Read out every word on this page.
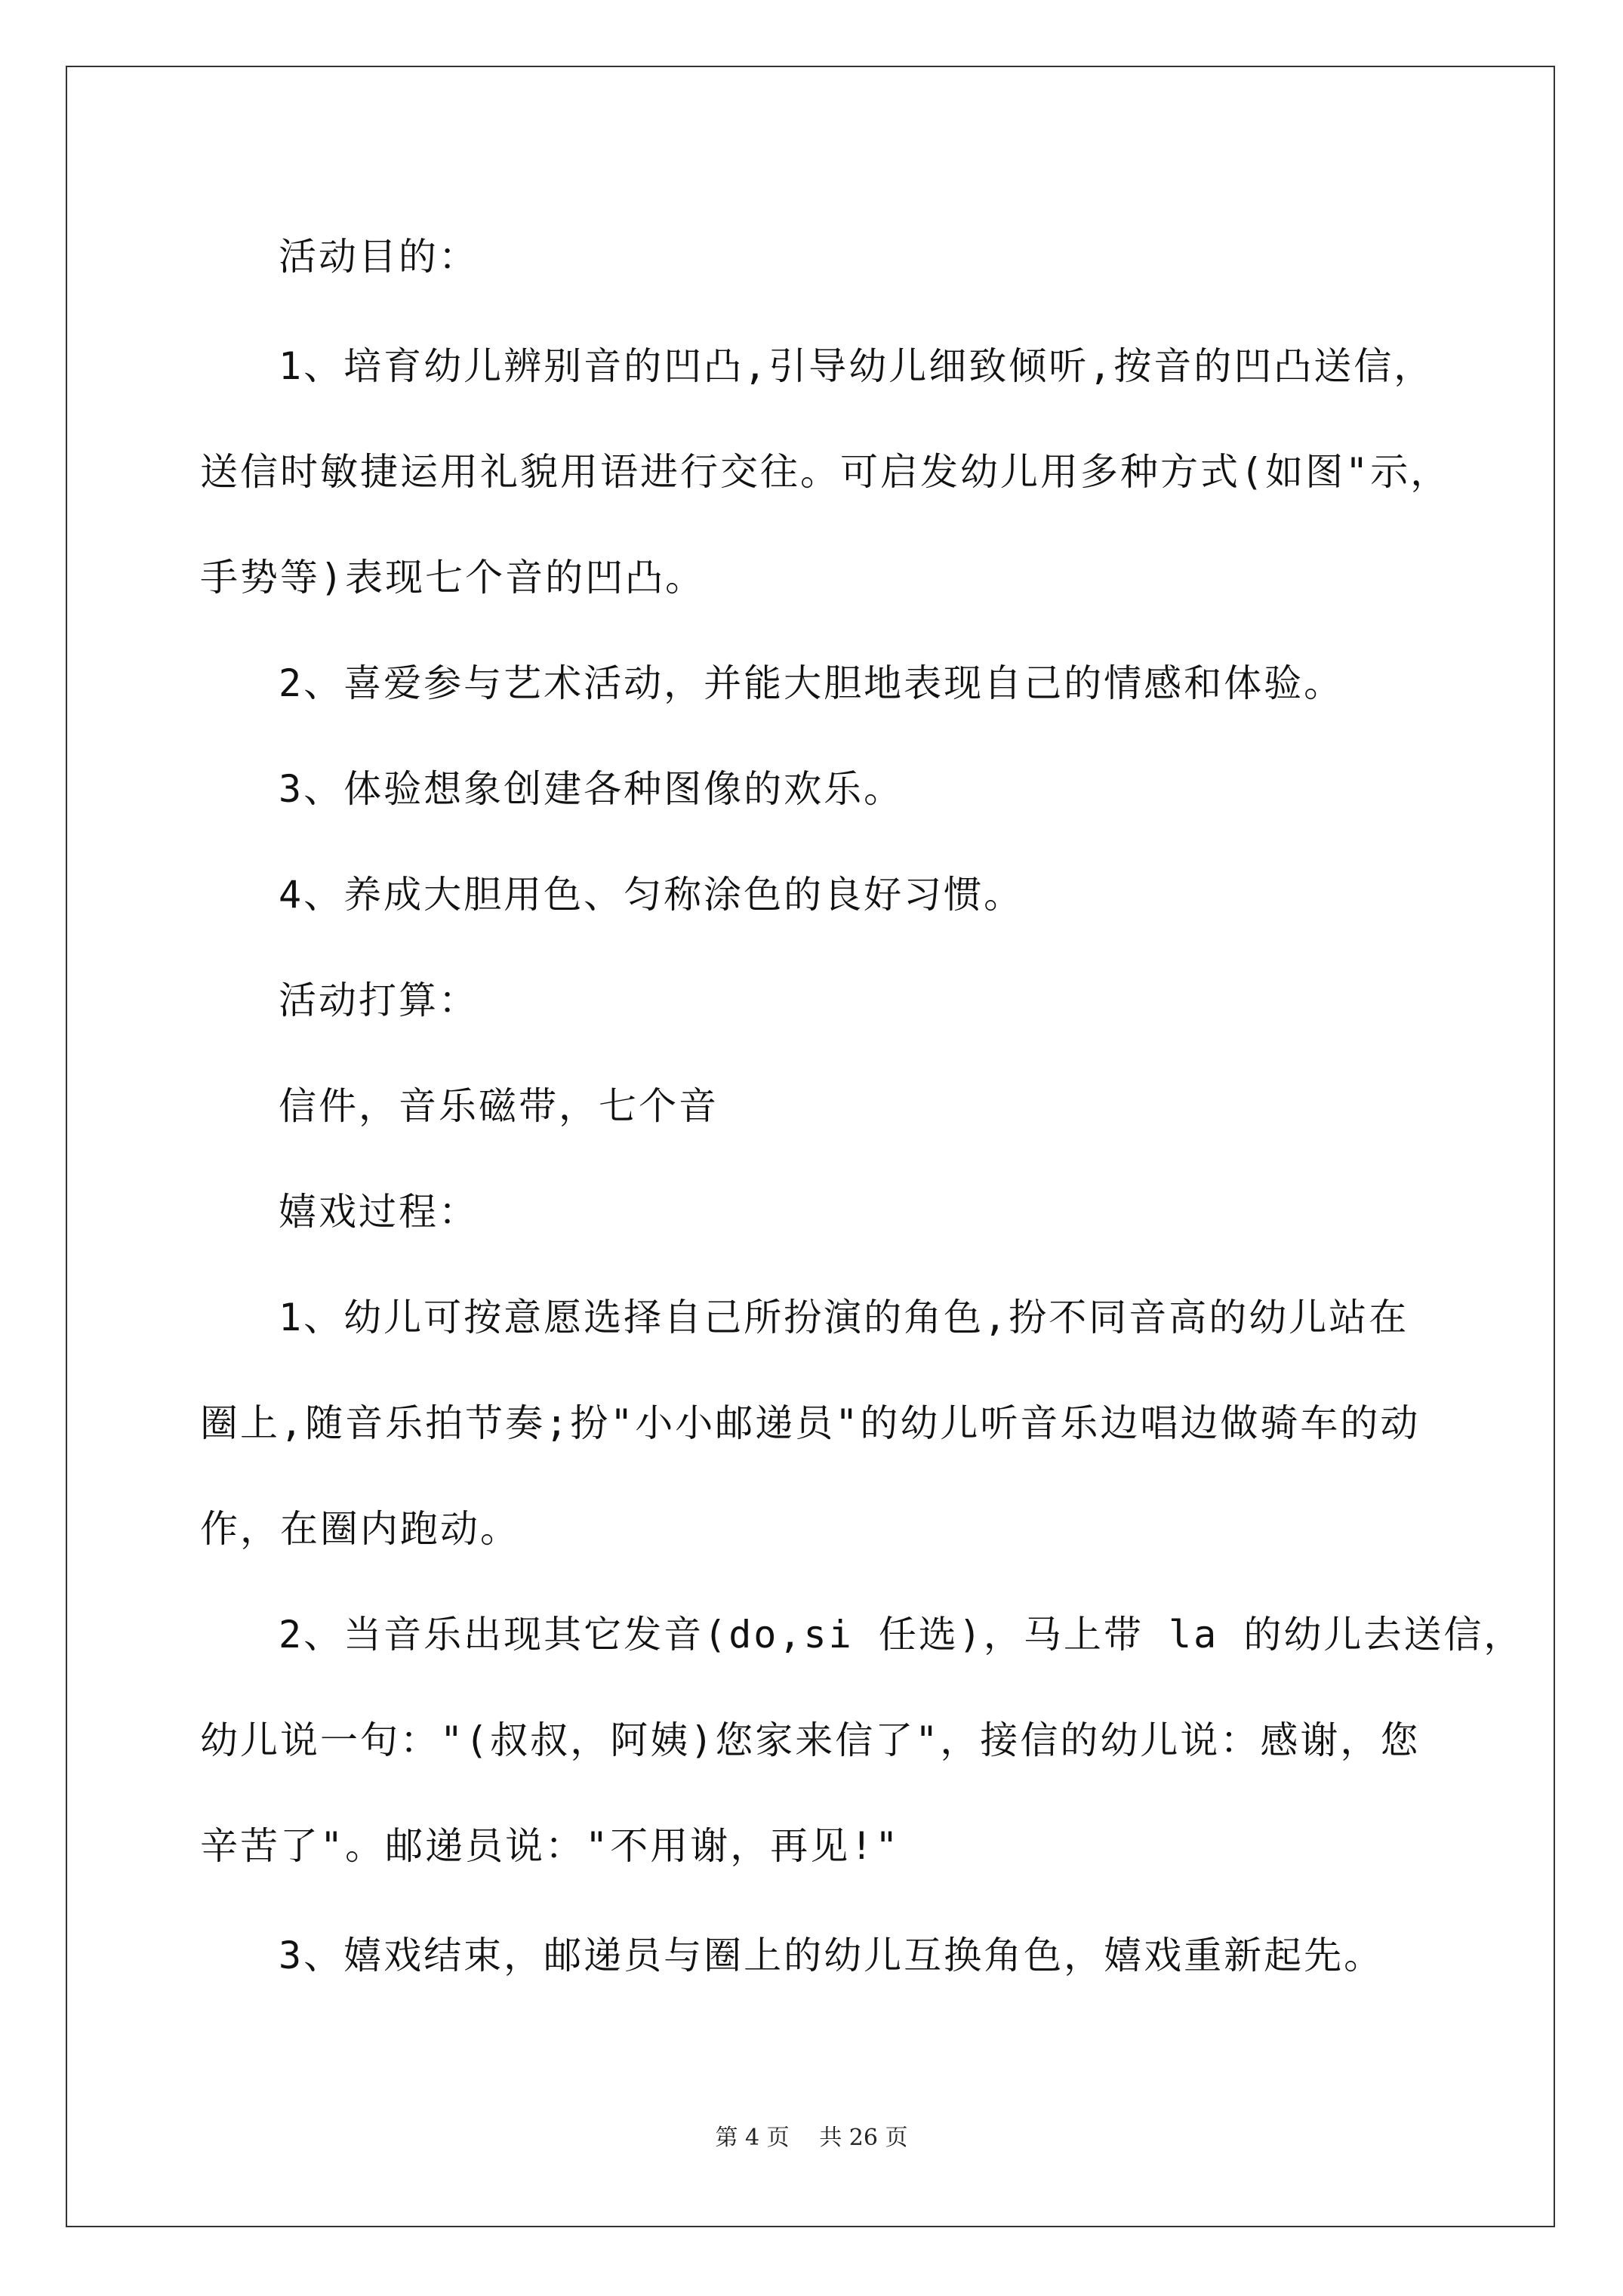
活动目的：
1、培育幼儿辨别音的凹凸,引导幼儿细致倾听,按音的凹凸送信，
送信时敏捷运用礼貌用语进行交往。可启发幼儿用多种方式(如图"示，
手势等)表现七个音的凹凸。
2、喜爱参与艺术活动，并能大胆地表现自己的情感和体验。
3、体验想象创建各种图像的欢乐。
4、养成大胆用色、匀称涂色的良好习惯。
活动打算：
信件，音乐磁带，七个音
嬉戏过程：
1、幼儿可按意愿选择自己所扮演的角色,扮不同音高的幼儿站在
圈上,随音乐拍节奏;扮"小小邮递员"的幼儿听音乐边唱边做骑车的动
作，在圈内跑动。
2、当音乐出现其它发音(do,si 任选)，马上带 la 的幼儿去送信，
幼儿说一句："(叔叔，阿姨)您家来信了"，接信的幼儿说：感谢，您
辛苦了"。邮递员说："不用谢，再见!"
3、嬉戏结束，邮递员与圈上的幼儿互换角色，嬉戏重新起先。
第 4 页　 共 26 页
